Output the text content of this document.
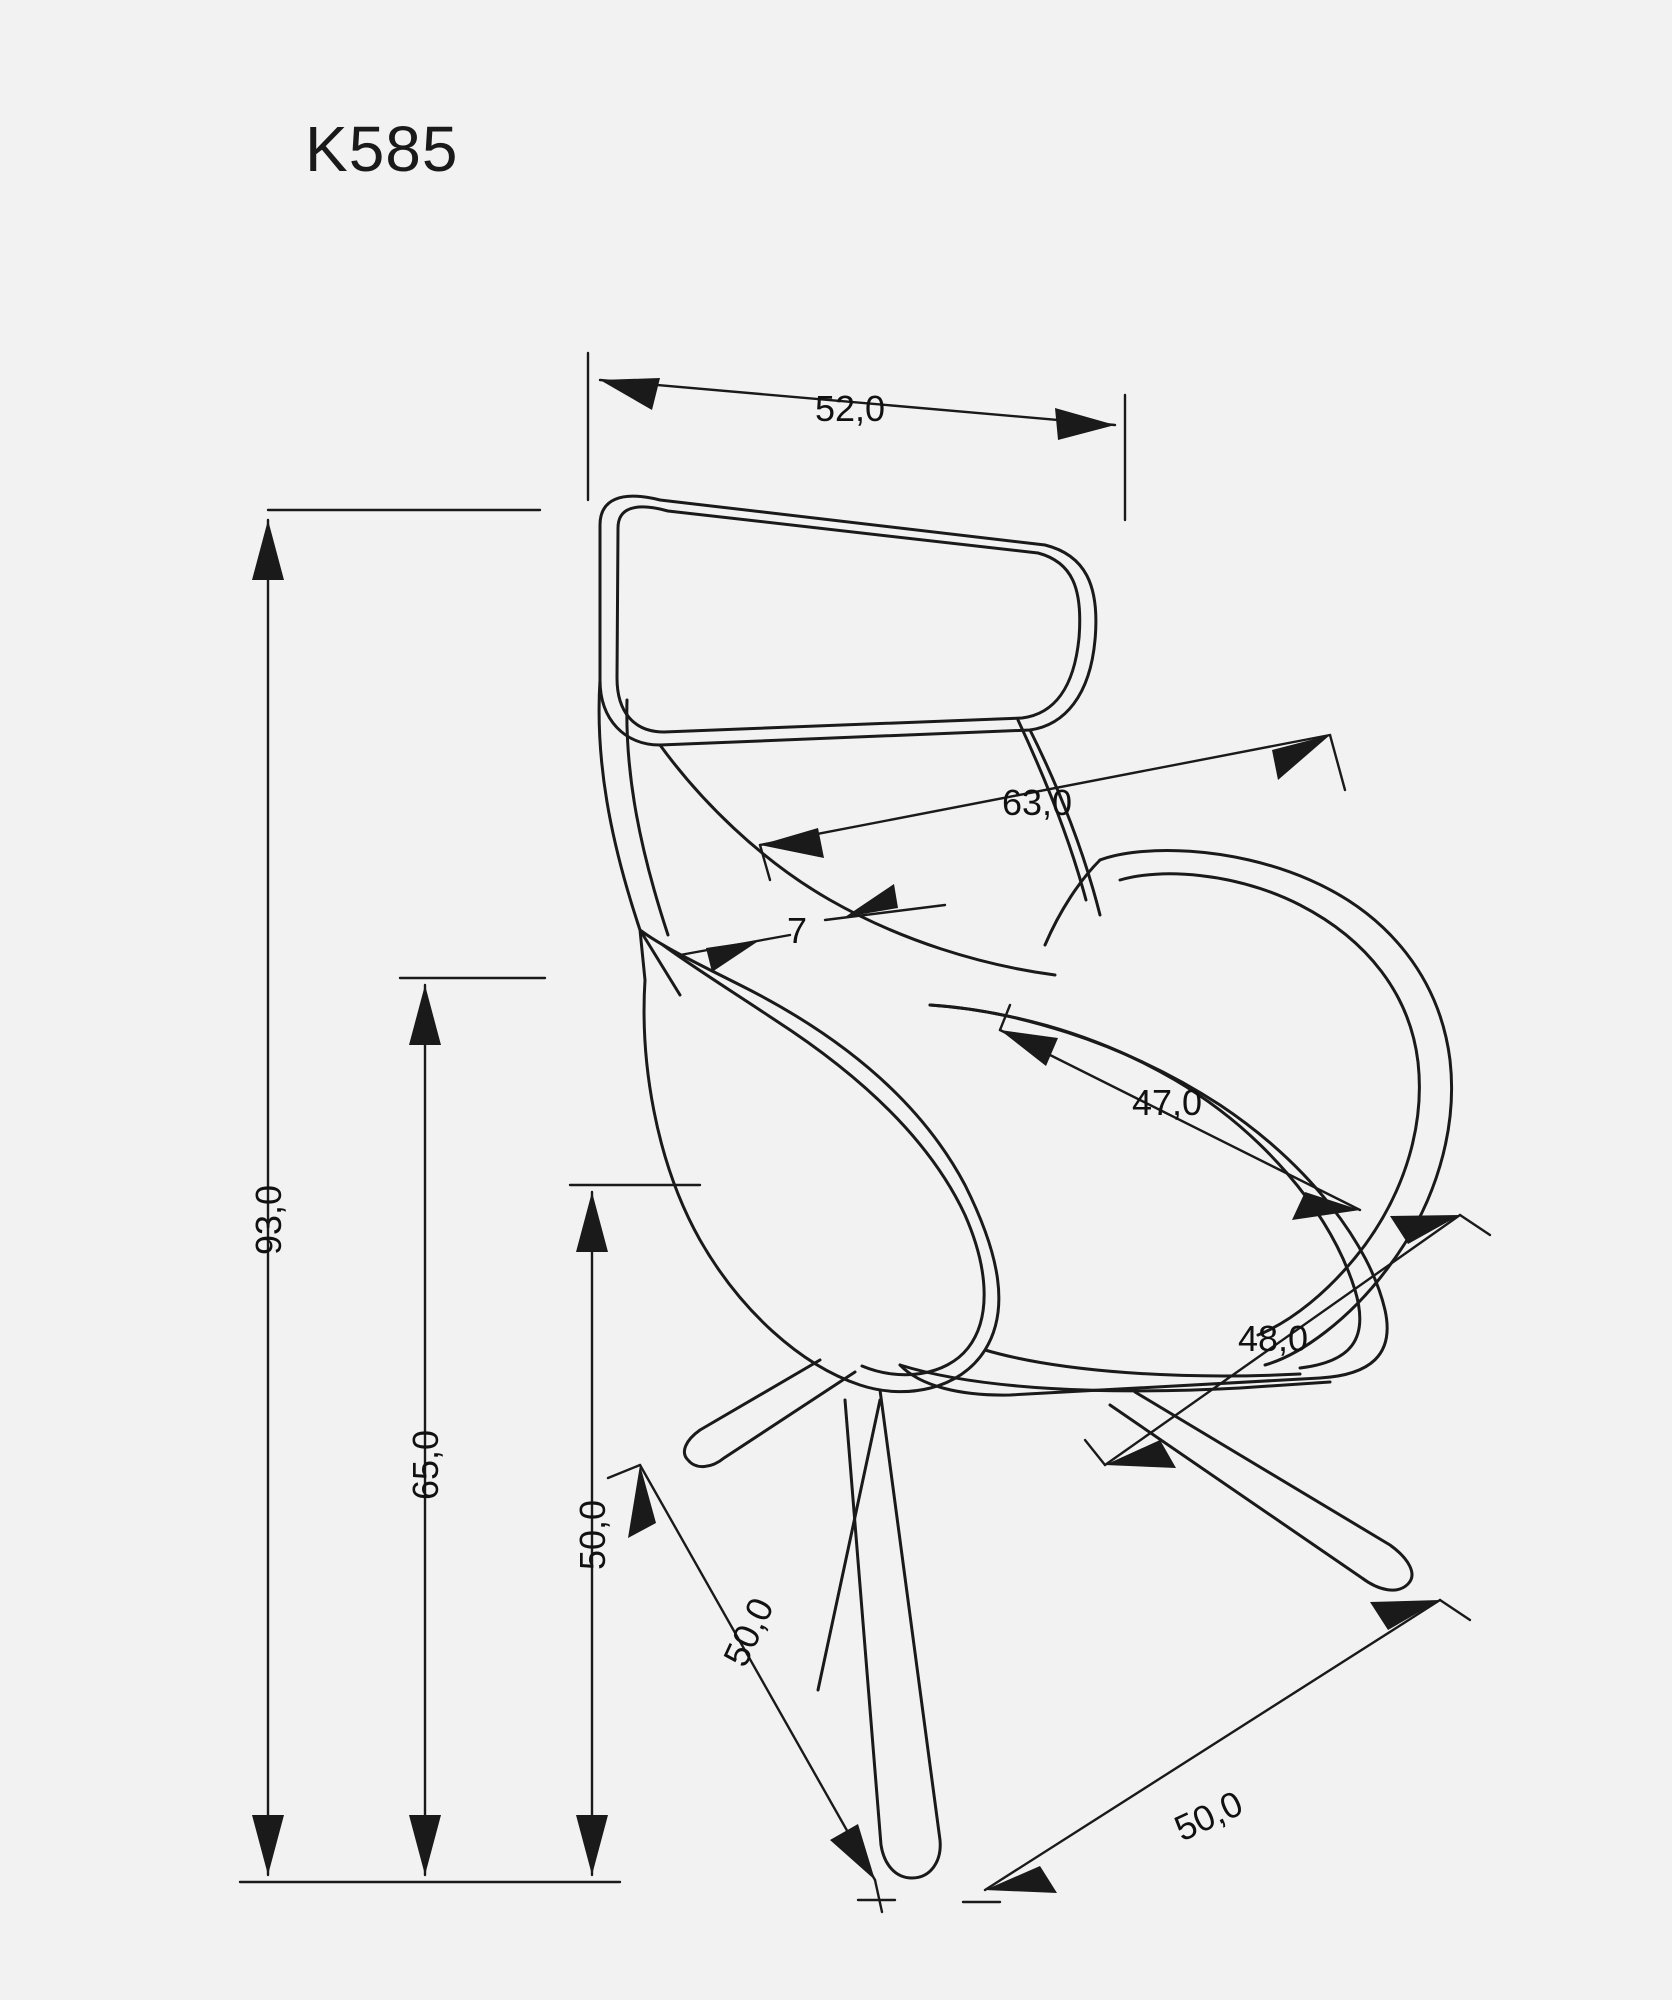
K585
52,0
63,0
7
47,0
48,0
93,0
65,0
50,0
50,0
50,0
